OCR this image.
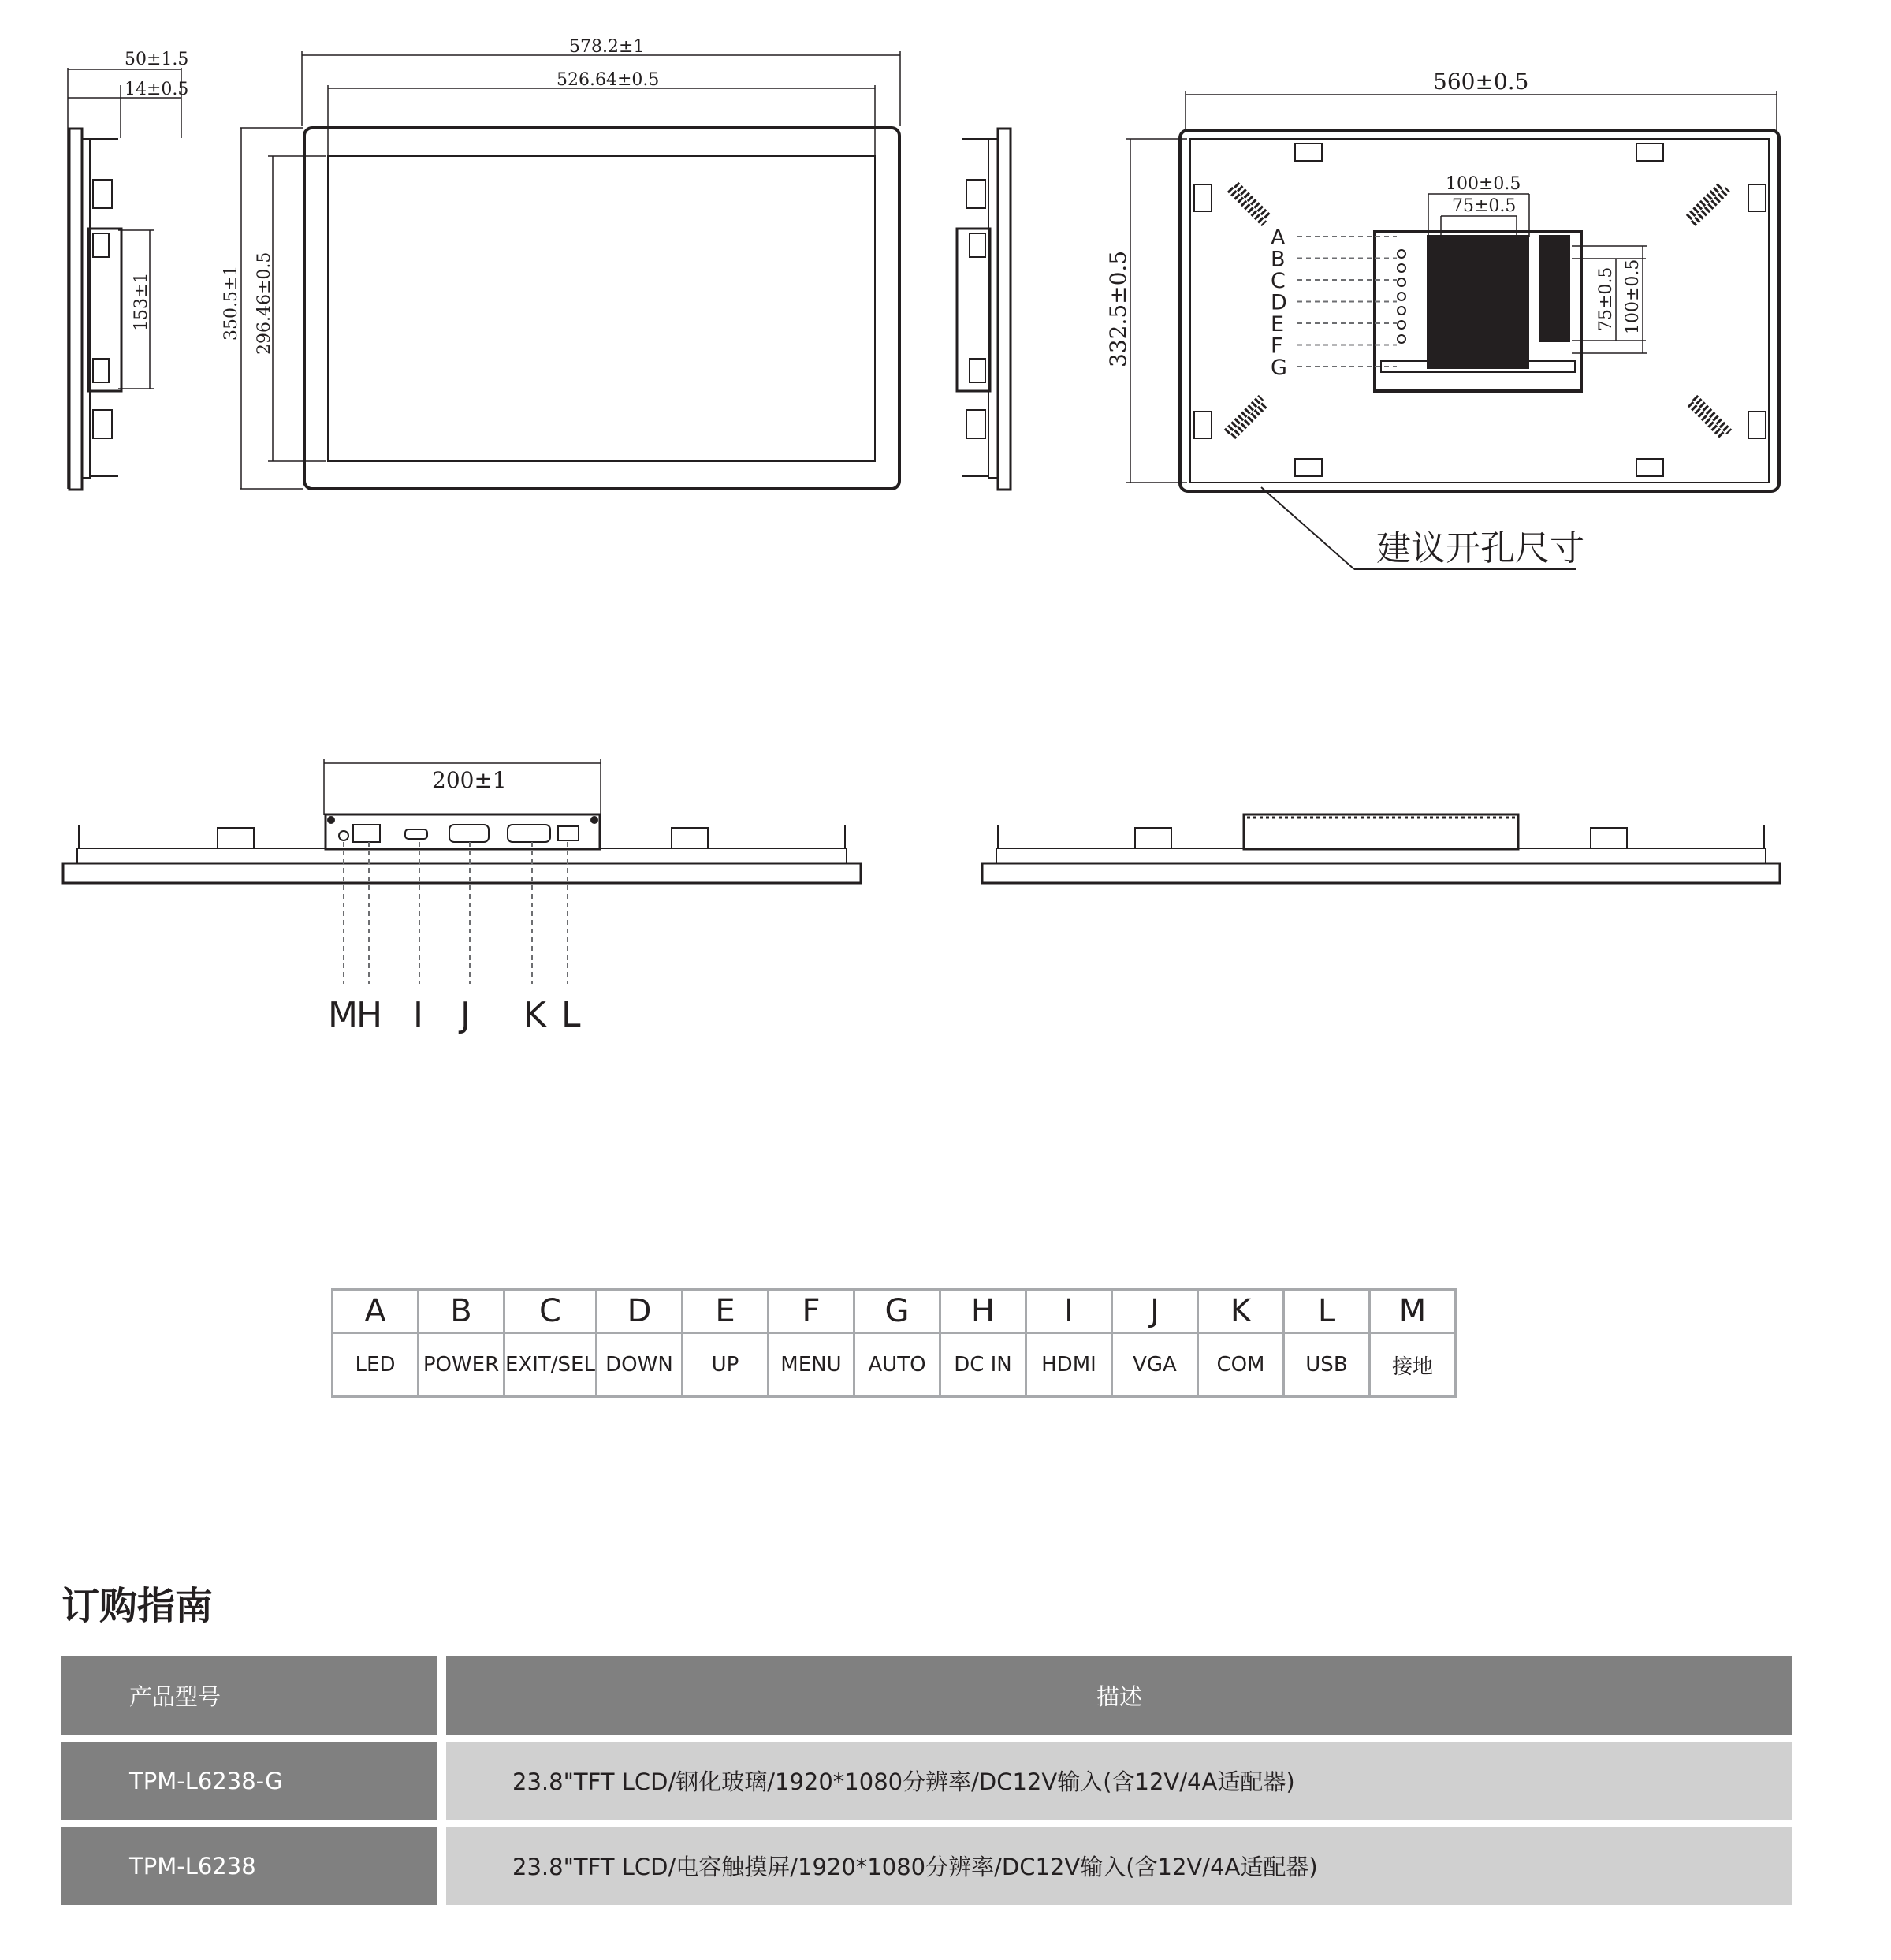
50±1.5
14±0.5
153±1
578.2±1
526.64±0.5
350.5±1 296.46±0.5
560±0.5
332.5±0.5
100±0.5
75±0.5
75±0.5 100±0.5
建议开孔尺寸
A
B
C
D
E
F
G
200±1
M
H I J K L
A	B	C	D	E	F	G	H	I	J	K	L	M
LED	POWER	EXIT/SEL	DOWN	UP	MENU	AUTO	DC IN	HDMI	VGA	COM	USB	接地
订购指南
产品型号		描述
TPM-L6238-G		23.8"TFT LCD/钢化玻璃/1920*1080分辨率/DC12V输入(含12V/4A适配器)
TPM-L6238		23.8"TFT LCD/电容触摸屏/1920*1080分辨率/DC12V输入(含12V/4A适配器)
